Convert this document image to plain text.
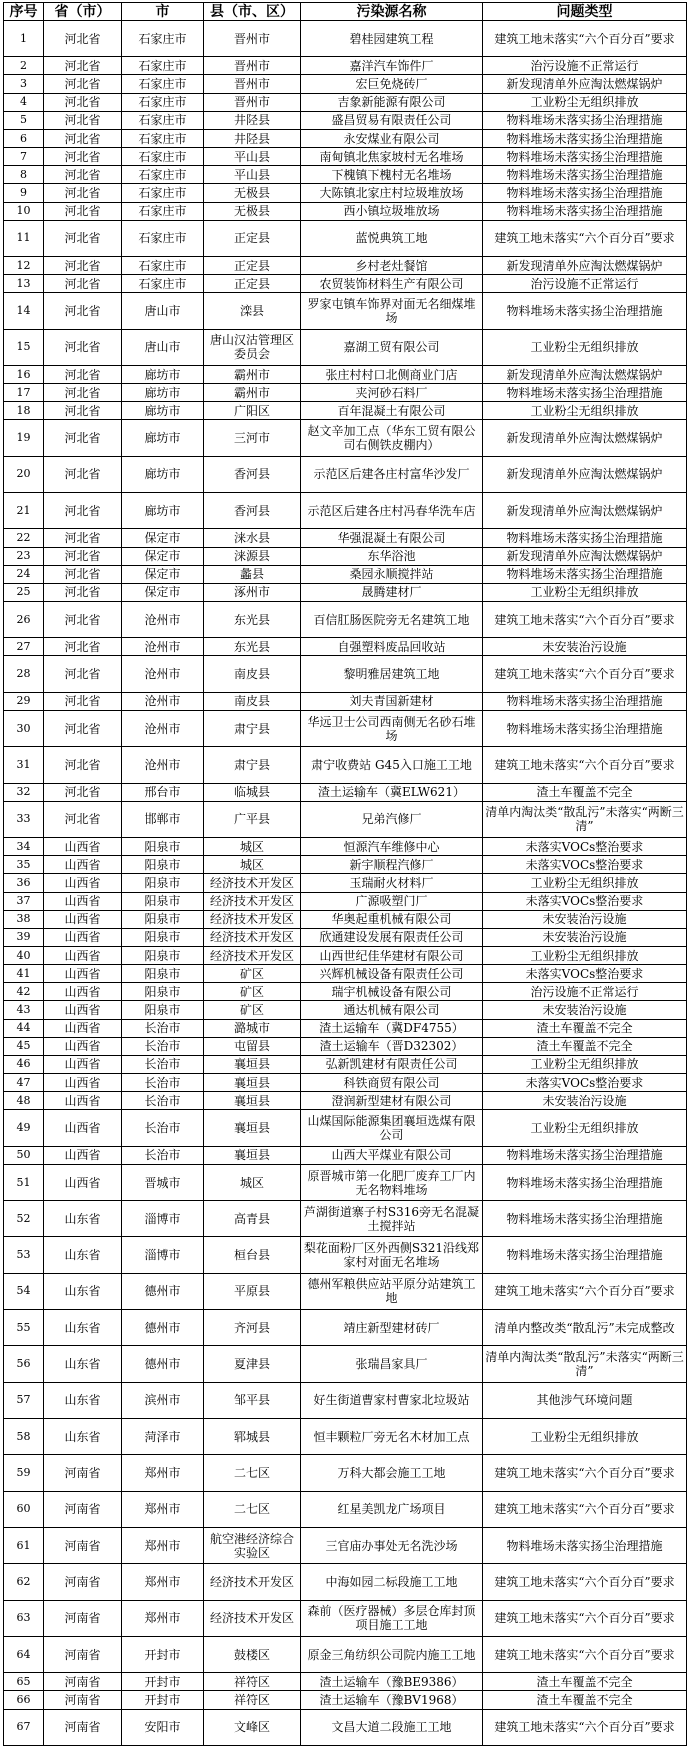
序号	省（市）	市	县（市、区）	污染源名称	问题类型
1	河北省	石家庄市	晋州市	碧桂园建筑工程	建筑工地未落实“六个百分百”要求
2	河北省	石家庄市	晋州市	嘉洋汽车饰件厂	治污设施不正常运行
3	河北省	石家庄市	晋州市	宏巨免烧砖厂	新发现清单外应淘汰燃煤锅炉
4	河北省	石家庄市	晋州市	吉象新能源有限公司	工业粉尘无组织排放
5	河北省	石家庄市	井陉县	盛昌贸易有限责任公司	物料堆场未落实扬尘治理措施
6	河北省	石家庄市	井陉县	永安煤业有限公司	物料堆场未落实扬尘治理措施
7	河北省	石家庄市	平山县	南甸镇北焦家坡村无名堆场	物料堆场未落实扬尘治理措施
8	河北省	石家庄市	平山县	下槐镇下槐村无名堆场	物料堆场未落实扬尘治理措施
9	河北省	石家庄市	无极县	大陈镇北家庄村垃圾堆放场	物料堆场未落实扬尘治理措施
10	河北省	石家庄市	无极县	西小镇垃圾堆放场	物料堆场未落实扬尘治理措施
11	河北省	石家庄市	正定县	蓝悦典筑工地	建筑工地未落实“六个百分百”要求
12	河北省	石家庄市	正定县	乡村老灶餐馆	新发现清单外应淘汰燃煤锅炉
13	河北省	石家庄市	正定县	农贸装饰材料生产有限公司	治污设施不正常运行
14	河北省	唐山市	滦县	罗家屯镇车饰界对面无名细煤堆场	物料堆场未落实扬尘治理措施
15	河北省	唐山市	唐山汉沽管理区委员会	嘉湖工贸有限公司	工业粉尘无组织排放
16	河北省	廊坊市	霸州市	张庄村村口北侧商业门店	新发现清单外应淘汰燃煤锅炉
17	河北省	廊坊市	霸州市	夹河砂石料厂	物料堆场未落实扬尘治理措施
18	河北省	廊坊市	广阳区	百年混凝土有限公司	工业粉尘无组织排放
19	河北省	廊坊市	三河市	赵文辛加工点（华东工贸有限公司右侧铁皮棚内）	新发现清单外应淘汰燃煤锅炉
20	河北省	廊坊市	香河县	示范区后建各庄村富华沙发厂	新发现清单外应淘汰燃煤锅炉
21	河北省	廊坊市	香河县	示范区后建各庄村冯春华洗车店	新发现清单外应淘汰燃煤锅炉
22	河北省	保定市	涞水县	华强混凝土有限公司	物料堆场未落实扬尘治理措施
23	河北省	保定市	涞源县	东华浴池	新发现清单外应淘汰燃煤锅炉
24	河北省	保定市	蠡县	桑园永顺搅拌站	物料堆场未落实扬尘治理措施
25	河北省	保定市	涿州市	晟腾建材厂	工业粉尘无组织排放
26	河北省	沧州市	东光县	百信肛肠医院旁无名建筑工地	建筑工地未落实“六个百分百”要求
27	河北省	沧州市	东光县	自强塑料废品回收站	未安装治污设施
28	河北省	沧州市	南皮县	黎明雅居建筑工地	建筑工地未落实“六个百分百”要求
29	河北省	沧州市	南皮县	刘夫青国新建材	物料堆场未落实扬尘治理措施
30	河北省	沧州市	肃宁县	华远卫士公司西南侧无名砂石堆场	物料堆场未落实扬尘治理措施
31	河北省	沧州市	肃宁县	肃宁收费站 G45入口施工工地	建筑工地未落实“六个百分百”要求
32	河北省	邢台市	临城县	渣土运输车（冀ELW621）	渣土车覆盖不完全
33	河北省	邯郸市	广平县	兄弟汽修厂	清单内淘汰类“散乱污”未落实“两断三清”
34	山西省	阳泉市	城区	恒源汽车维修中心	未落实VOCs整治要求
35	山西省	阳泉市	城区	新宇顺程汽修厂	未落实VOCs整治要求
36	山西省	阳泉市	经济技术开发区	玉瑞耐火材料厂	工业粉尘无组织排放
37	山西省	阳泉市	经济技术开发区	广源吸塑门厂	未落实VOCs整治要求
38	山西省	阳泉市	经济技术开发区	华奥起重机械有限公司	未安装治污设施
39	山西省	阳泉市	经济技术开发区	欣通建设发展有限责任公司	未安装治污设施
40	山西省	阳泉市	经济技术开发区	山西世纪佳华建材有限公司	工业粉尘无组织排放
41	山西省	阳泉市	矿区	兴辉机械设备有限责任公司	未落实VOCs整治要求
42	山西省	阳泉市	矿区	瑞宇机械设备有限公司	治污设施不正常运行
43	山西省	阳泉市	矿区	通达机械有限公司	未安装治污设施
44	山西省	长治市	潞城市	渣土运输车（冀DF4755）	渣土车覆盖不完全
45	山西省	长治市	屯留县	渣土运输车（晋D32302）	渣土车覆盖不完全
46	山西省	长治市	襄垣县	弘新凯建材有限责任公司	工业粉尘无组织排放
47	山西省	长治市	襄垣县	科铁商贸有限公司	未落实VOCs整治要求
48	山西省	长治市	襄垣县	澄润新型建材有限公司	未安装治污设施
49	山西省	长治市	襄垣县	山煤国际能源集团襄垣选煤有限公司	工业粉尘无组织排放
50	山西省	长治市	襄垣县	山西大平煤业有限公司	物料堆场未落实扬尘治理措施
51	山西省	晋城市	城区	原晋城市第一化肥厂废弃工厂内无名物料堆场	物料堆场未落实扬尘治理措施
52	山东省	淄博市	高青县	芦湖街道寨子村S316旁无名混凝土搅拌站	物料堆场未落实扬尘治理措施
53	山东省	淄博市	桓台县	梨花面粉厂区外西侧S321沿线郑家村对面无名堆场	物料堆场未落实扬尘治理措施
54	山东省	德州市	平原县	德州军粮供应站平原分站建筑工地	建筑工地未落实“六个百分百”要求
55	山东省	德州市	齐河县	靖庄新型建材砖厂	清单内整改类“散乱污”未完成整改
56	山东省	德州市	夏津县	张瑞昌家具厂	清单内淘汰类“散乱污”未落实“两断三清”
57	山东省	滨州市	邹平县	好生街道曹家村曹家北垃圾站	其他涉气环境问题
58	山东省	菏泽市	郓城县	恒丰颗粒厂旁无名木材加工点	工业粉尘无组织排放
59	河南省	郑州市	二七区	万科大都会施工工地	建筑工地未落实“六个百分百”要求
60	河南省	郑州市	二七区	红星美凯龙广场项目	建筑工地未落实“六个百分百”要求
61	河南省	郑州市	航空港经济综合实验区	三官庙办事处无名洗沙场	物料堆场未落实扬尘治理措施
62	河南省	郑州市	经济技术开发区	中海如园二标段施工工地	建筑工地未落实“六个百分百”要求
63	河南省	郑州市	经济技术开发区	森前（医疗器械）多层仓库封顶项目施工工地	建筑工地未落实“六个百分百”要求
64	河南省	开封市	鼓楼区	原金三角纺织公司院内施工工地	建筑工地未落实“六个百分百”要求
65	河南省	开封市	祥符区	渣土运输车（豫BE9386）	渣土车覆盖不完全
66	河南省	开封市	祥符区	渣土运输车（豫BV1968）	渣土车覆盖不完全
67	河南省	安阳市	文峰区	文昌大道二段施工工地	建筑工地未落实“六个百分百”要求
